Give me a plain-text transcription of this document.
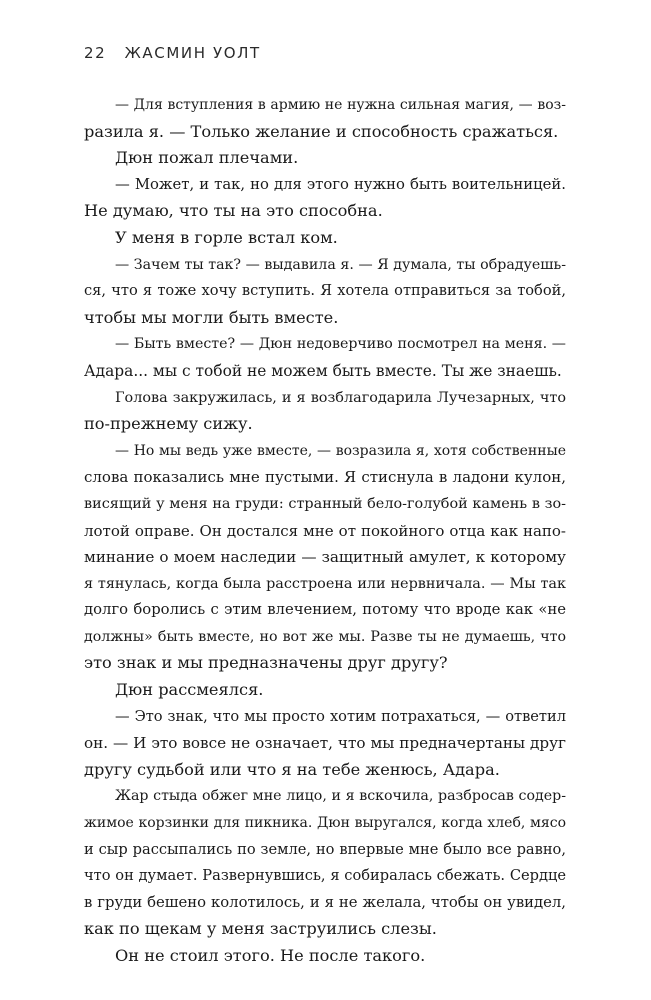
22 ЖАСМИН УОЛТ
— Для вступления в армию не нужна сильная магия, — воз-
разила я. — Только желание и способность сражаться.
Дюн пожал плечами.
— Может, и так, но для этого нужно быть воительницей.
Не думаю, что ты на это способна.
У меня в горле встал ком.
— Зачем ты так? — выдавила я. — Я думала, ты обрадуешь-
ся, что я тоже хочу вступить. Я хотела отправиться за тобой,
чтобы мы могли быть вместе.
— Быть вместе? — Дюн недоверчиво посмотрел на меня. —
Адара... мы с тобой не можем быть вместе. Ты же знаешь.
Голова закружилась, и я возблагодарила Лучезарных, что
по-прежнему сижу.
— Но мы ведь уже вместе, — возразила я, хотя собственные
слова показались мне пустыми. Я стиснула в ладони кулон,
висящий у меня на груди: странный бело-голубой камень в зо-
лотой оправе. Он достался мне от покойного отца как напо-
минание о моем наследии — защитный амулет, к которому
я тянулась, когда была расстроена или нервничала. — Мы так
долго боролись с этим влечением, потому что вроде как «не
должны» быть вместе, но вот же мы. Разве ты не думаешь, что
это знак и мы предназначены друг другу?
Дюн рассмеялся.
— Это знак, что мы просто хотим потрахаться, — ответил
он. — И это вовсе не означает, что мы предначертаны друг
другу судьбой или что я на тебе женюсь, Адара.
Жар стыда обжег мне лицо, и я вскочила, разбросав содер-
жимое корзинки для пикника. Дюн выругался, когда хлеб, мясо
и сыр рассыпались по земле, но впервые мне было все равно,
что он думает. Развернувшись, я собиралась сбежать. Сердце
в груди бешено колотилось, и я не желала, чтобы он увидел,
как по щекам у меня заструились слезы.
Он не стоил этого. Не после такого.
